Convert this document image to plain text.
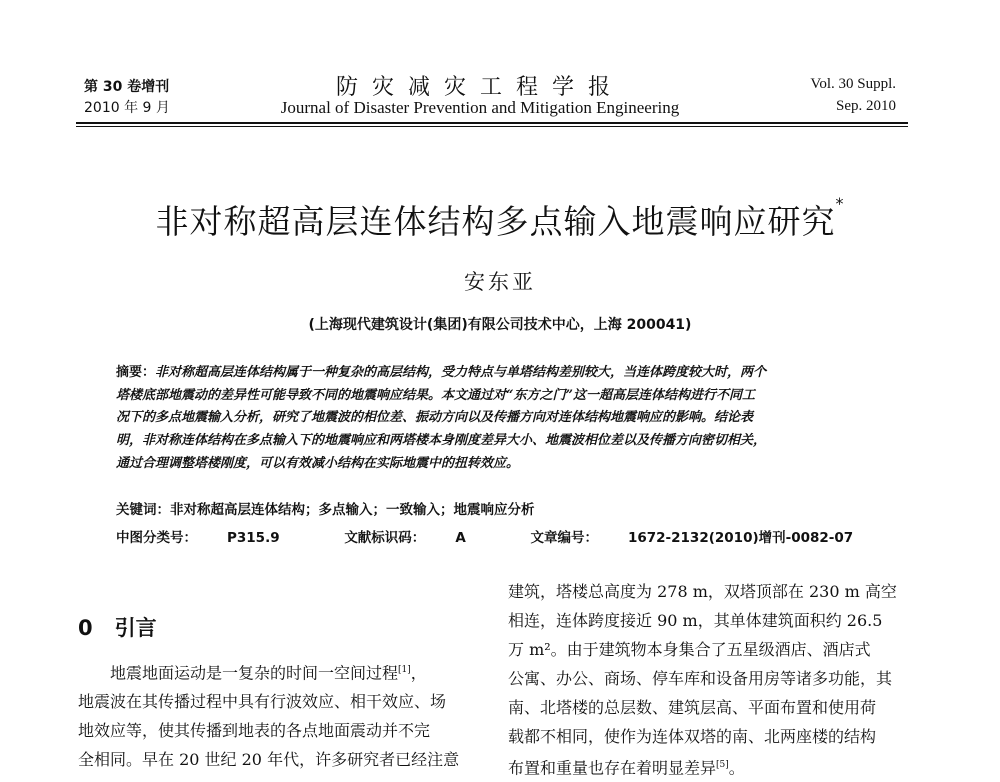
第 30 卷增刊
2010 年 9 月
防灾减灾工程学报
Journal of Disaster Prevention and Mitigation Engineering
Vol. 30 Suppl.
Sep. 2010
非对称超高层连体结构多点输入地震响应研究*
安东亚
(上海现代建筑设计(集团)有限公司技术中心，上海 200041)
摘要：非对称超高层连体结构属于一种复杂的高层结构，受力特点与单塔结构差别较大，当连体跨度较大时，两个
塔楼底部地震动的差异性可能导致不同的地震响应结果。本文通过对“东方之门”这一超高层连体结构进行不同工
况下的多点地震输入分析，研究了地震波的相位差、振动方向以及传播方向对连体结构地震响应的影响。结论表
明，非对称连体结构在多点输入下的地震响应和两塔楼本身刚度差异大小、地震波相位差以及传播方向密切相关，
通过合理调整塔楼刚度，可以有效减小结构在实际地震中的扭转效应。
关键词：非对称超高层连体结构；多点输入；一致输入；地震响应分析
中图分类号： P315.9	文献标识码： A	文章编号： 1672-2132(2010)增刊-0082-07
0 引言
地震地面运动是一复杂的时间一空间过程[1]，
地震波在其传播过程中具有行波效应、相干效应、场
地效应等，使其传播到地表的各点地面震动并不完
全相同。早在 20 世纪 20 年代，许多研究者已经注意
建筑，塔楼总高度为 278 m，双塔顶部在 230 m 高空
相连，连体跨度接近 90 m，其单体建筑面积约 26.5
万 m²。由于建筑物本身集合了五星级酒店、酒店式
公寓、办公、商场、停车库和设备用房等诸多功能，其
南、北塔楼的总层数、建筑层高、平面布置和使用荷
载都不相同，使作为连体双塔的南、北两座楼的结构
布置和重量也存在着明显差异[5]。
